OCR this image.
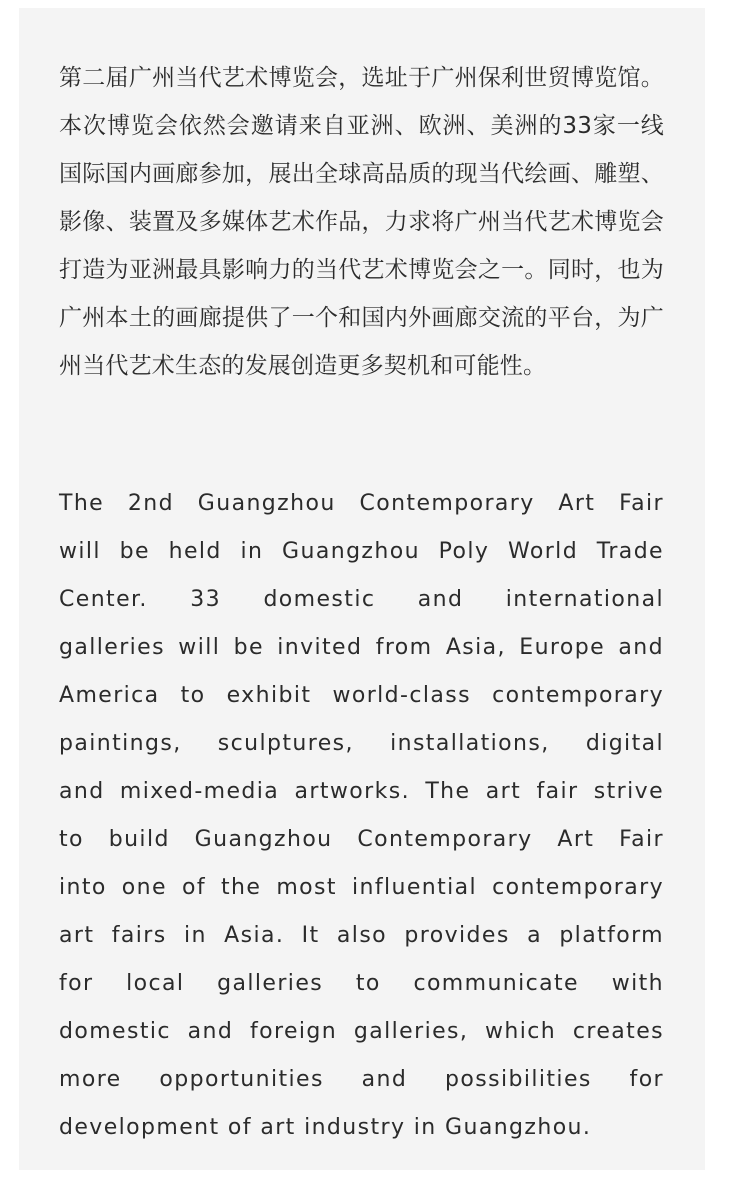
第二届广州当代艺术博览会，选址于广州保利世贸博览馆。本次博览会依然会邀请来自亚洲、欧洲、美洲的33家一线国际国内画廊参加，展出全球高品质的现当代绘画、雕塑、影像、装置及多媒体艺术作品，力求将广州当代艺术博览会打造为亚洲最具影响力的当代艺术博览会之一。同时，也为广州本土的画廊提供了一个和国内外画廊交流的平台，为广州当代艺术生态的发展创造更多契机和可能性。

The 2nd Guangzhou Contemporary Art Fair
will be held in Guangzhou Poly World Trade
Center. 33 domestic and international
galleries will be invited from Asia, Europe and
America to exhibit world-class contemporary
paintings, sculptures, installations, digital
and mixed-media artworks. The art fair strive
to build Guangzhou Contemporary Art Fair
into one of the most influential contemporary
art fairs in Asia. It also provides a platform
for local galleries to communicate with
domestic and foreign galleries, which creates
more opportunities and possibilities for
development of art industry in Guangzhou.
